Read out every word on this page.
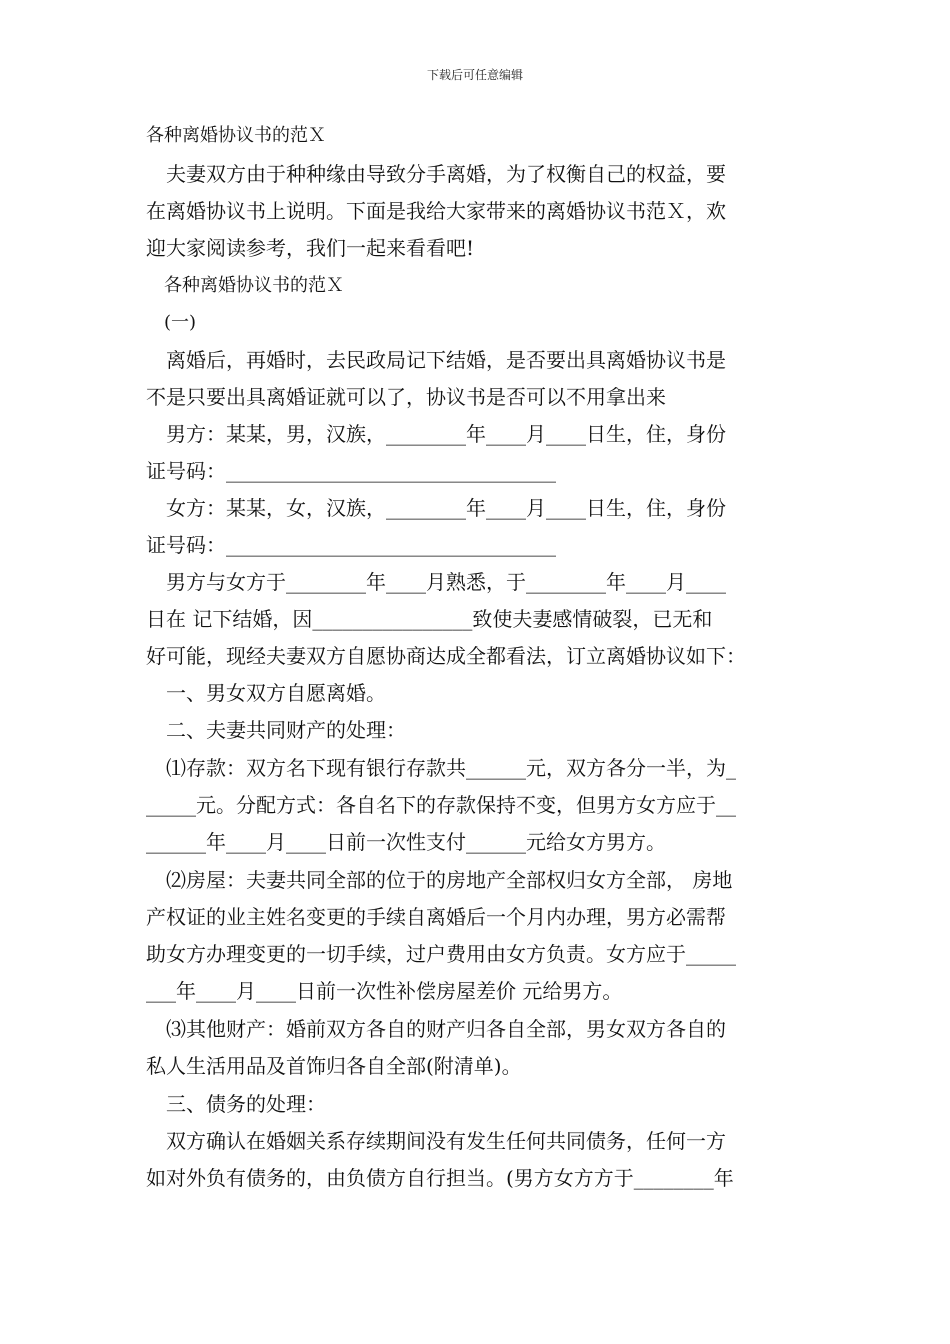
下载后可任意编辑
各种离婚协议书的范Ｘ
　夫妻双方由于种种缘由导致分手离婚，为了权衡自己的权益，要
在离婚协议书上说明。下面是我给大家带来的离婚协议书范Ｘ，欢
迎大家阅读参考，我们一起来看看吧!
　各种离婚协议书的范Ｘ
　(一)
　离婚后，再婚时，去民政局记下结婚，是否要出具离婚协议书是
不是只要出具离婚证就可以了，协议书是否可以不用拿出来
　男方：某某，男，汉族，________年____月____日生，住，身份
证号码：_________________________________
　女方：某某，女，汉族，________年____月____日生，住，身份
证号码：_________________________________
　男方与女方于________年____月熟悉，于________年____月____
日在 记下结婚，因________________致使夫妻感情破裂，已无和
好可能，现经夫妻双方自愿协商达成全都看法，订立离婚协议如下：
　一、男女双方自愿离婚。
　二、夫妻共同财产的处理：
　⑴存款：双方名下现有银行存款共______元，双方各分一半，为_
_____元。分配方式：各自名下的存款保持不变，但男方女方应于__
______年____月____日前一次性支付______元给女方男方。
　⑵房屋：夫妻共同全部的位于的房地产全部权归女方全部， 房地
产权证的业主姓名变更的手续自离婚后一个月内办理，男方必需帮
助女方办理变更的一切手续，过户费用由女方负责。女方应于_____
___年____月____日前一次性补偿房屋差价 元给男方。
　⑶其他财产：婚前双方各自的财产归各自全部，男女双方各自的
私人生活用品及首饰归各自全部(附清单)。
　三、债务的处理：
　双方确认在婚姻关系存续期间没有发生任何共同债务，任何一方
如对外负有债务的，由负债方自行担当。(男方女方方于________年
